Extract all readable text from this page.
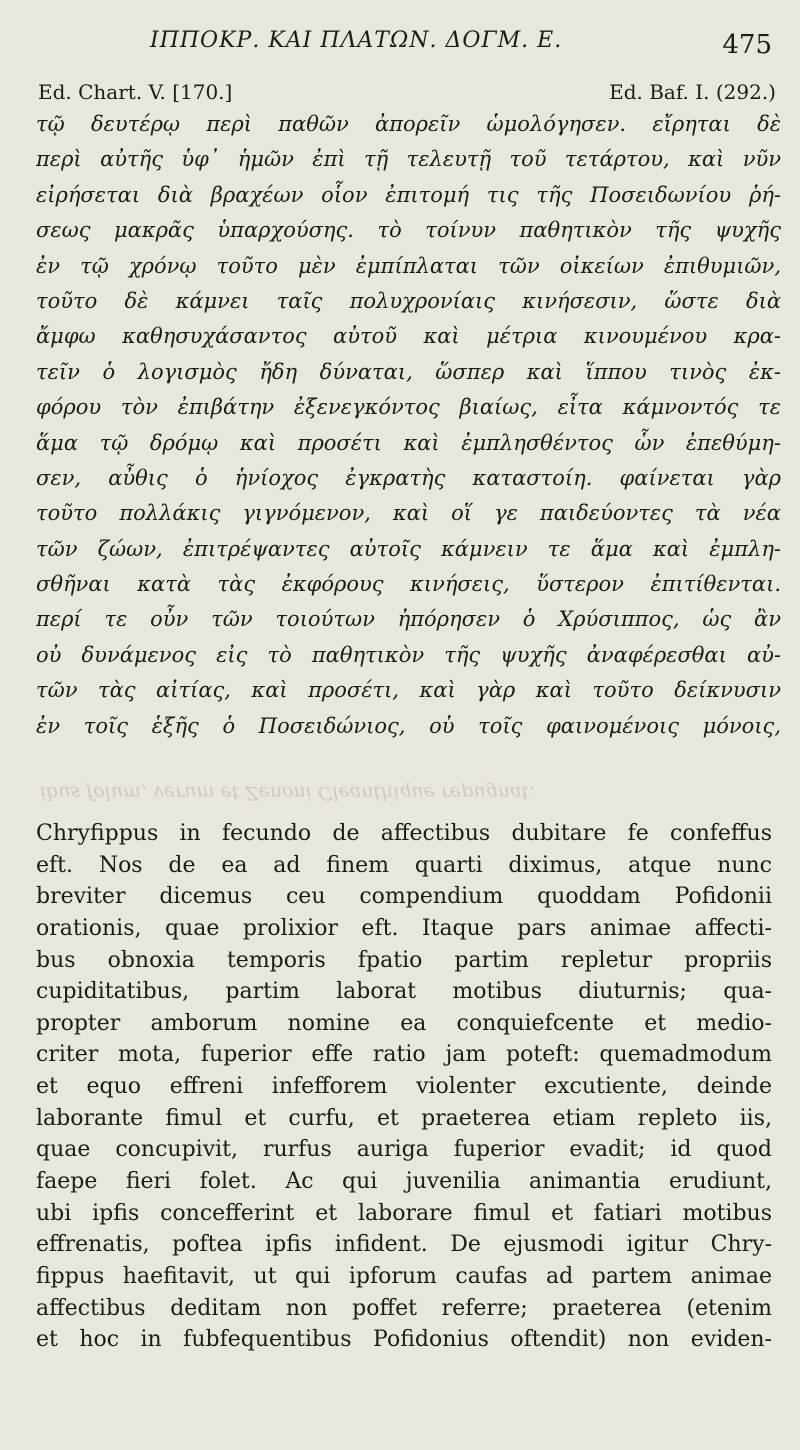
ΙΠΠΟΚΡ. ΚΑΙ ΠΛΑΤΩΝ. ΔΟΓΜ. Ε.	475
Ed. Chart. V. [170.]	Ed. Baf. I. (292.)
τῷ δευτέρῳ περὶ παθῶν ἀπορεῖν ὡμολόγησεν. εἴρηται δὲ
περὶ αὐτῆς ὑφ᾽ ἡμῶν ἐπὶ τῇ τελευτῇ τοῦ τετάρτου, καὶ νῦν
εἰρήσεται διὰ βραχέων οἷον ἐπιτομή τις τῆς Ποσειδωνίου ῥή-
σεως μακρᾶς ὑπαρχούσης. τὸ τοίνυν παθητικὸν τῆς ψυχῆς
ἐν τῷ χρόνῳ τοῦτο μὲν ἐμπίπλαται τῶν οἰκείων ἐπιθυμιῶν,
τοῦτο δὲ κάμνει ταῖς πολυχρονίαις κινήσεσιν, ὥστε διὰ
ἄμφω καθησυχάσαντος αὐτοῦ καὶ μέτρια κινουμένου κρα-
τεῖν ὁ λογισμὸς ἤδη δύναται, ὥσπερ καὶ ἵππου τινὸς ἐκ-
φόρου τὸν ἐπιβάτην ἐξενεγκόντος βιαίως, εἶτα κάμνοντός τε
ἅμα τῷ δρόμῳ καὶ προσέτι καὶ ἐμπλησθέντος ὧν ἐπεθύμη-
σεν, αὖθις ὁ ἡνίοχος ἐγκρατὴς καταστοίη. φαίνεται γὰρ
τοῦτο πολλάκις γιγνόμενον, καὶ οἵ γε παιδεύοντες τὰ νέα
τῶν ζώων, ἐπιτρέψαντες αὐτοῖς κάμνειν τε ἅμα καὶ ἐμπλη-
σθῆναι κατὰ τὰς ἐκφόρους κινήσεις, ὕστερον ἐπιτίθενται.
περί τε οὖν τῶν τοιούτων ἠπόρησεν ὁ Χρύσιππος, ὡς ἂν
οὐ δυνάμενος εἰς τὸ παθητικὸν τῆς ψυχῆς ἀναφέρεσθαι αὐ-
τῶν τὰς αἰτίας, καὶ προσέτι, καὶ γὰρ καὶ τοῦτο δείκνυσιν
ἐν τοῖς ἑξῆς ὁ Ποσειδώνιος, οὐ τοῖς φαινομένοις μόνοις,
ibus folum, verum et Zenoni Cleanthique repugnat.
Chryfippus in fecundo de affectibus dubitare fe confeffus
eft. Nos de ea ad finem quarti diximus, atque nunc
breviter dicemus ceu compendium quoddam Pofidonii
orationis, quae prolixior eft. Itaque pars animae affecti-
bus obnoxia temporis fpatio partim repletur propriis
cupiditatibus, partim laborat motibus diuturnis; qua-
propter amborum nomine ea conquiefcente et medio-
criter mota, fuperior effe ratio jam poteft: quemadmodum
et equo effreni infefforem violenter excutiente, deinde
laborante fimul et curfu, et praeterea etiam repleto iis,
quae concupivit, rurfus auriga fuperior evadit; id quod
faepe fieri folet. Ac qui juvenilia animantia erudiunt,
ubi ipfis concefferint et laborare fimul et fatiari motibus
effrenatis, poftea ipfis infident. De ejusmodi igitur Chry-
fippus haefitavit, ut qui ipforum caufas ad partem animae
affectibus deditam non poffet referre; praeterea (etenim
et hoc in fubfequentibus Pofidonius oftendit) non eviden-
